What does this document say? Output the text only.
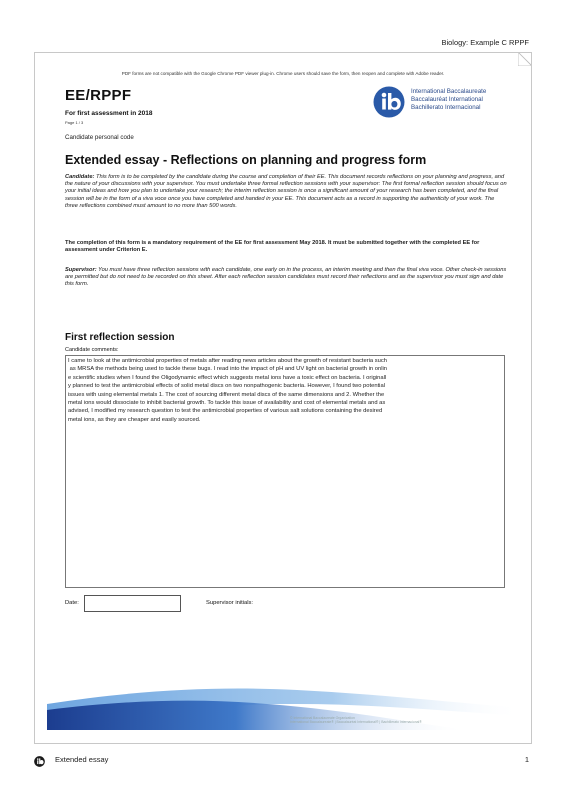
Biology: Example C RPPF
PDF forms are not compatible with the Google Chrome PDF viewer plug-in. Chrome users should save the form, then reopen and complete with Adobe reader.
EE/RPPF
For first assessment in 2018
Page 1 / 3
International Baccalaureate
Baccalauréat International
Bachillerato Internacional
Candidate personal code
Extended essay - Reflections on planning and progress form
Candidate: This form is to be completed by the candidate during the course and completion of their EE. This document records reflections on your planning and progress, and the nature of your discussions with your supervisor. You must undertake three formal reflection sessions with your supervisor: The first formal reflection session should focus on your initial ideas and how you plan to undertake your research; the interim reflection session is once a significant amount of your research has been completed, and the final session will be in the form of a viva voce once you have completed and handed in your EE. This document acts as a record in supporting the authenticity of your work. The three reflections combined must amount to no more than 500 words.
The completion of this form is a mandatory requirement of the EE for first assessment May 2018. It must be submitted together with the completed EE for assessment under Criterion E.
Supervisor: You must have three reflection sessions with each candidate, one early on in the process, an interim meeting and then the final viva voce. Other check-in sessions are permitted but do not need to be recorded on this sheet. After each reflection session candidates must record their reflections and as the supervisor you must sign and date this form.
First reflection session
Candidate comments:
I came to look at the antimicrobial properties of metals after reading news articles about the growth of resistant bacteria such
as MRSA the methods being used to tackle these bugs. I read into the impact of pH and UV light on bacterial growth in onlin
e scientific studies when I found the Oligodynamic effect which suggests metal ions have a toxic effect on bacteria. I originall
y planned to test the antimicrobial effects of solid metal discs on two nonpathogenic bacteria. However, I found two potential
issues with using elemental metals 1. The cost of sourcing different metal discs of the same dimensions and 2. Whether the
metal ions would dissociate to inhibit bacterial growth. To tackle this issue of availability and cost of elemental metals and as
advised, I modified my research question to test the antimicrobial properties of various salt solutions containing the desired
metal ions, as they are cheaper and easily sourced.
Date:	Supervisor initials:
© International Baccalaureate Organization
International Baccalaureate® | Baccalauréat International® | Bachillerato Internacional®
Extended essay	1
